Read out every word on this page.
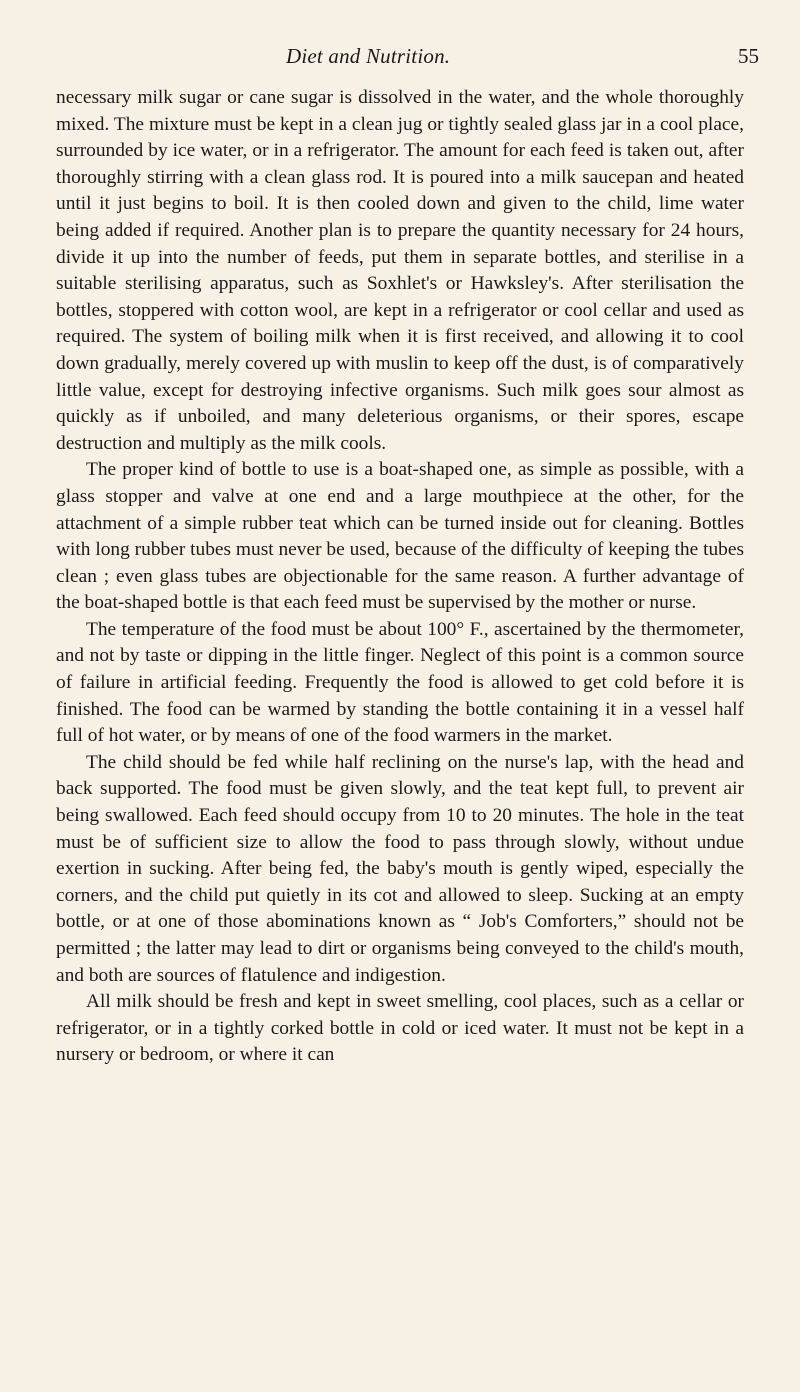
Diet and Nutrition.	55

necessary milk sugar or cane sugar is dissolved in the water, and the whole thoroughly mixed. The mixture must be kept in a clean jug or tightly sealed glass jar in a cool place, surrounded by ice water, or in a refrigerator. The amount for each feed is taken out, after thoroughly stirring with a clean glass rod. It is poured into a milk saucepan and heated until it just begins to boil. It is then cooled down and given to the child, lime water being added if required. Another plan is to prepare the quantity necessary for 24 hours, divide it up into the number of feeds, put them in separate bottles, and sterilise in a suitable sterilising apparatus, such as Soxhlet's or Hawksley's. After sterilisation the bottles, stoppered with cotton wool, are kept in a refrigerator or cool cellar and used as required. The system of boiling milk when it is first received, and allowing it to cool down gradually, merely covered up with muslin to keep off the dust, is of comparatively little value, except for destroying infective organisms. Such milk goes sour almost as quickly as if unboiled, and many deleterious organisms, or their spores, escape destruction and multiply as the milk cools.

The proper kind of bottle to use is a boat-shaped one, as simple as possible, with a glass stopper and valve at one end and a large mouthpiece at the other, for the attachment of a simple rubber teat which can be turned inside out for cleaning. Bottles with long rubber tubes must never be used, because of the difficulty of keeping the tubes clean ; even glass tubes are objectionable for the same reason. A further advantage of the boat-shaped bottle is that each feed must be supervised by the mother or nurse.

The temperature of the food must be about 100° F., ascertained by the thermometer, and not by taste or dipping in the little finger. Neglect of this point is a common source of failure in artificial feeding. Frequently the food is allowed to get cold before it is finished. The food can be warmed by standing the bottle containing it in a vessel half full of hot water, or by means of one of the food warmers in the market.

The child should be fed while half reclining on the nurse's lap, with the head and back supported. The food must be given slowly, and the teat kept full, to prevent air being swallowed. Each feed should occupy from 10 to 20 minutes. The hole in the teat must be of sufficient size to allow the food to pass through slowly, without undue exertion in sucking. After being fed, the baby's mouth is gently wiped, especially the corners, and the child put quietly in its cot and allowed to sleep. Sucking at an empty bottle, or at one of those abominations known as “ Job's Comforters,” should not be permitted ; the latter may lead to dirt or organisms being conveyed to the child's mouth, and both are sources of flatulence and indigestion.

All milk should be fresh and kept in sweet smelling, cool places, such as a cellar or refrigerator, or in a tightly corked bottle in cold or iced water. It must not be kept in a nursery or bedroom, or where it can
